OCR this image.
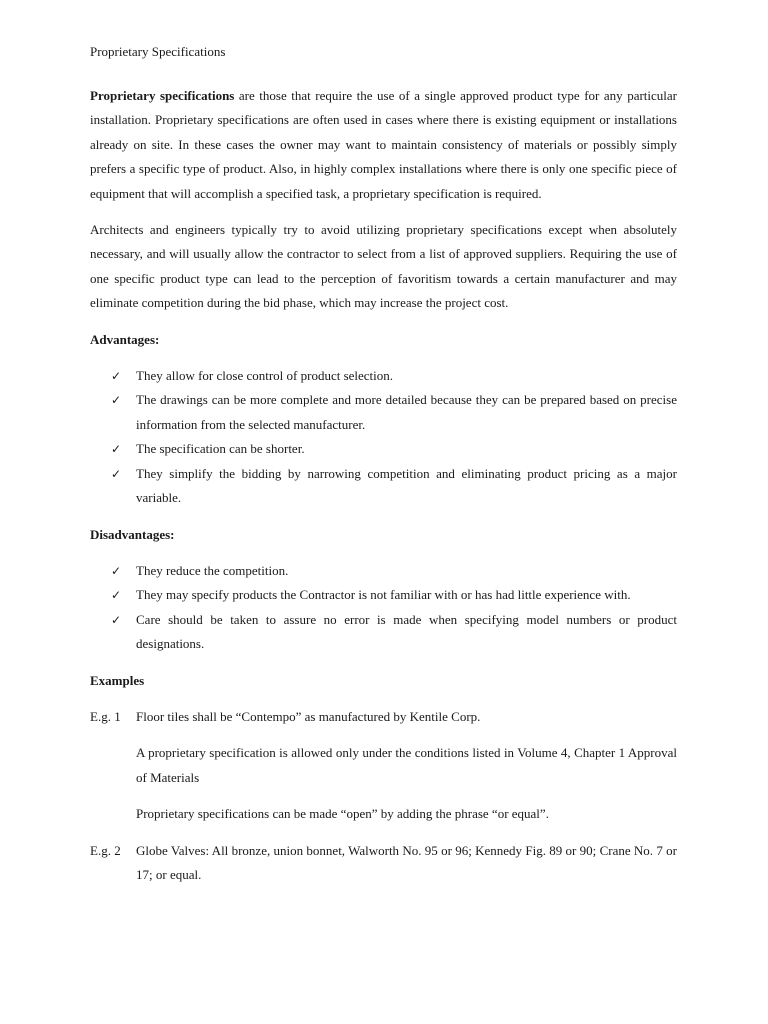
Proprietary Specifications

Proprietary specifications are those that require the use of a single approved product type for any particular installation. Proprietary specifications are often used in cases where there is existing equipment or installations already on site. In these cases the owner may want to maintain consistency of materials or possibly simply prefers a specific type of product. Also, in highly complex installations where there is only one specific piece of equipment that will accomplish a specified task, a proprietary specification is required.

Architects and engineers typically try to avoid utilizing proprietary specifications except when absolutely necessary, and will usually allow the contractor to select from a list of approved suppliers. Requiring the use of one specific product type can lead to the perception of favoritism towards a certain manufacturer and may eliminate competition during the bid phase, which may increase the project cost.

Advantages:

✓ They allow for close control of product selection.
✓ The drawings can be more complete and more detailed because they can be prepared based on precise information from the selected manufacturer.
✓ The specification can be shorter.
✓ They simplify the bidding by narrowing competition and eliminating product pricing as a major variable.

Disadvantages:

✓ They reduce the competition.
✓ They may specify products the Contractor is not familiar with or has had little experience with.
✓ Care should be taken to assure no error is made when specifying model numbers or product designations.

Examples

E.g. 1	Floor tiles shall be “Contempo” as manufactured by Kentile Corp.

A proprietary specification is allowed only under the conditions listed in Volume 4, Chapter 1 Approval of Materials

Proprietary specifications can be made “open” by adding the phrase “or equal”.

E.g. 2	Globe Valves: All bronze, union bonnet, Walworth No. 95 or 96; Kennedy Fig. 89 or 90; Crane No. 7 or 17; or equal.
